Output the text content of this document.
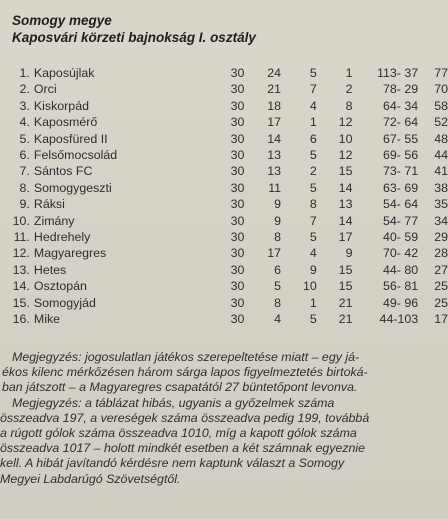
Somogy megye
Kaposvári körzeti bajnokság I. osztály
1.	Kaposújlak	30	24	5	1	113- 37	77
2.	Orci	30	21	7	2	78- 29	70
3.	Kiskorpád	30	18	4	8	64- 34	58
4.	Kaposmérő	30	17	1	12	72- 64	52
5.	Kaposfüred II	30	14	6	10	67- 55	48
6.	Felsőmocsolád	30	13	5	12	69- 56	44
7.	Sántos FC	30	13	2	15	73- 71	41
8.	Somogygeszti	30	11	5	14	63- 69	38
9.	Ráksi	30	9	8	13	54- 64	35
10.	Zimány	30	9	7	14	54- 77	34
11.	Hedrehely	30	8	5	17	40- 59	29
12.	Magyaregres	30	17	4	9	70- 42	28
13.	Hetes	30	6	9	15	44- 80	27
14.	Osztopán	30	5	10	15	56- 81	25
15.	Somogyjád	30	8	1	21	49- 96	25
16.	Mike	30	4	5	21	44-103	17

Megjegyzés: jogosulatlan játékos szerepeltetése miatt – egy já-

ékos kilenc mérkőzésen három sárga lapos figyelmeztetés birtoká-

ban játszott – a Magyaregres csapatától 27 büntetőpont levonva.

Megjegyzés: a táblázat hibás, ugyanis a győzelmek száma

összeadva 197, a vereségek száma összeadva pedig 199, továbbá

a rúgott gólok száma összeadva 1010, míg a kapott gólok száma

összeadva 1017 – holott mindkét esetben a két számnak egyeznie

kell. A hibát javítandó kérdésre nem kaptunk választ a Somogy

Megyei Labdarúgó Szövetségtől.
